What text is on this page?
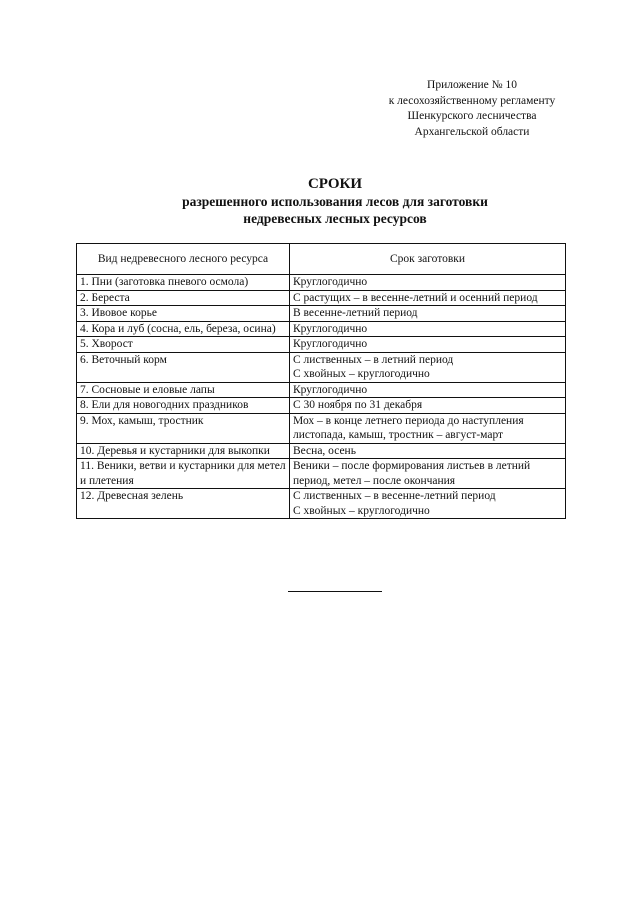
Приложение № 10
к лесохозяйственному регламенту
Шенкурского лесничества
Архангельской области
СРОКИ
разрешенного использования лесов для заготовки
недревесных лесных ресурсов
Вид недревесного лесного ресурса	Срок заготовки
1. Пни (заготовка пневого осмола)	Круглогодично
2. Береста	С растущих – в весенне-летний и осенний период
3. Ивовое корье	В весенне-летний период
4. Кора и луб (сосна, ель, береза, осина)	Круглогодично
5. Хворост	Круглогодично
6. Веточный корм	С лиственных – в летний период
С хвойных – круглогодично
7. Сосновые и еловые лапы	Круглогодично
8. Ели для новогодних праздников	С 30 ноября по 31 декабря
9. Мох, камыш, тростник	Мох – в конце летнего периода до наступления листопада, камыш, тростник – август-март
10. Деревья и кустарники для выкопки	Весна, осень
11. Веники, ветви и кустарники для метел и плетения	Веники – после формирования листьев в летний период, метел – после окончания
12. Древесная зелень	С лиственных – в весенне-летний период
С хвойных – круглогодично
